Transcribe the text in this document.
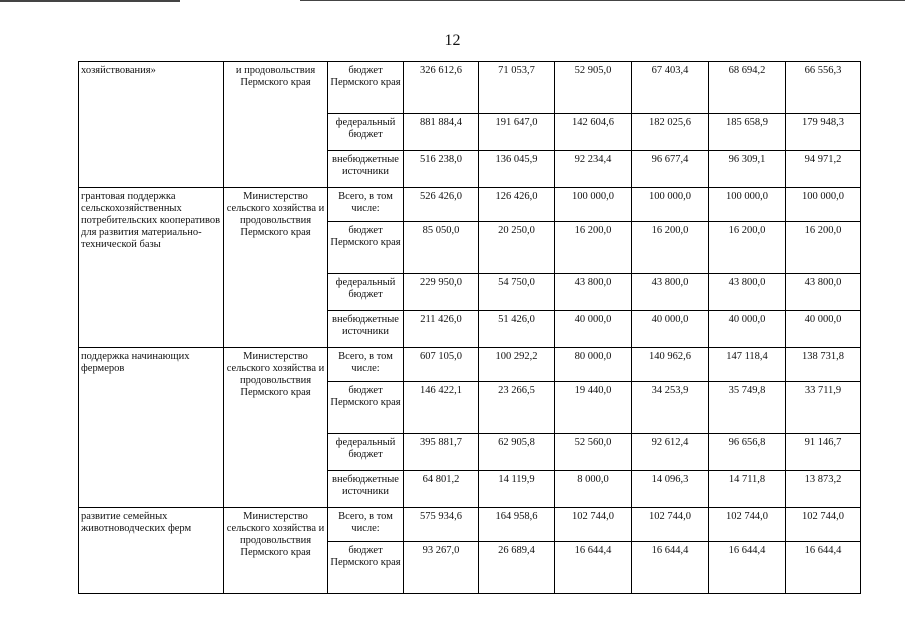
12
хозяйствования»	и продовольствия Пермского края	бюджет Пермского края	326 612,6	71 053,7	52 905,0	67 403,4	68 694,2	66 556,3
		федеральный бюджет	881 884,4	191 647,0	142 604,6	182 025,6	185 658,9	179 948,3
		внебюджетные источники	516 238,0	136 045,9	92 234,4	96 677,4	96 309,1	94 971,2
грантовая поддержка сельскохозяйственных потребительских кооперативов для развития материально-технической базы	Министерство сельского хозяйства и продовольствия Пермского края	Всего, в том числе:	526 426,0	126 426,0	100 000,0	100 000,0	100 000,0	100 000,0
		бюджет Пермского края	85 050,0	20 250,0	16 200,0	16 200,0	16 200,0	16 200,0
		федеральный бюджет	229 950,0	54 750,0	43 800,0	43 800,0	43 800,0	43 800,0
		внебюджетные источники	211 426,0	51 426,0	40 000,0	40 000,0	40 000,0	40 000,0
поддержка начинающих фермеров	Министерство сельского хозяйства и продовольствия Пермского края	Всего, в том числе:	607 105,0	100 292,2	80 000,0	140 962,6	147 118,4	138 731,8
		бюджет Пермского края	146 422,1	23 266,5	19 440,0	34 253,9	35 749,8	33 711,9
		федеральный бюджет	395 881,7	62 905,8	52 560,0	92 612,4	96 656,8	91 146,7
		внебюджетные источники	64 801,2	14 119,9	8 000,0	14 096,3	14 711,8	13 873,2
развитие семейных животноводческих ферм	Министерство сельского хозяйства и продовольствия Пермского края	Всего, в том числе:	575 934,6	164 958,6	102 744,0	102 744,0	102 744,0	102 744,0
		бюджет Пермского края	93 267,0	26 689,4	16 644,4	16 644,4	16 644,4	16 644,4
